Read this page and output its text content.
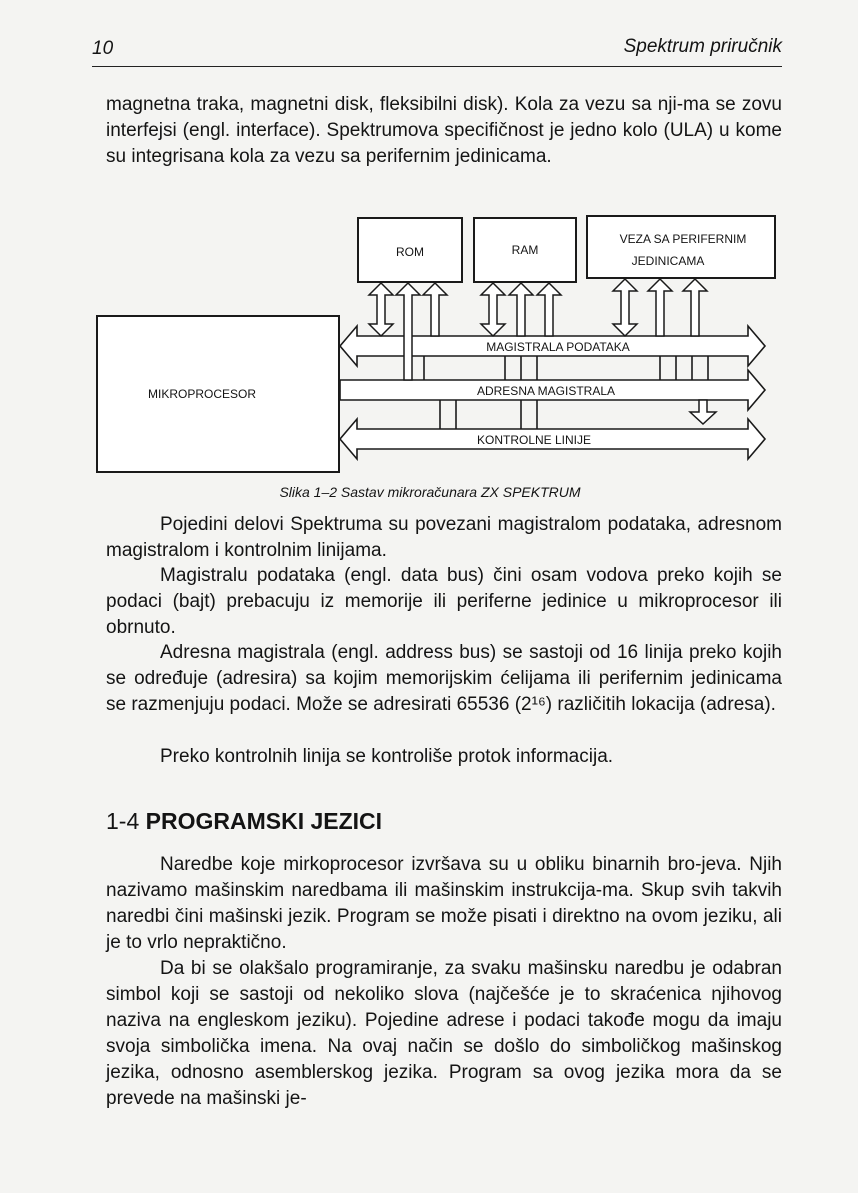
10	Spektrum priručnik

magnetna traka, magnetni disk, fleksibilni disk). Kola za vezu sa nji-ma se zovu interfejsi (engl. interface). Spektrumova specifičnost je jedno kolo (ULA) u kome su integrisana kola za vezu sa perifernim jedinicama.

ROM	RAM
VEZA SA PERIFERNIM
JEDINICAMA
MIKROPROCESOR
MAGISTRALA PODATAKA
ADRESNA MAGISTRALA
KONTROLNE LINIJE
Slika 1–2 Sastav mikroračunara ZX SPEKTRUM

Pojedini delovi Spektruma su povezani magistralom podataka, adresnom magistralom i kontrolnim linijama.

Magistralu podataka (engl. data bus) čini osam vodova preko kojih se podaci (bajt) prebacuju iz memorije ili periferne jedinice u mikroprocesor ili obrnuto.

Adresna magistrala (engl. address bus) se sastoji od 16 linija preko kojih se određuje (adresira) sa kojim memorijskim ćelijama ili perifernim jedinicama se razmenjuju podaci. Može se adresirati 65536 (2¹⁶) različitih lokacija (adresa).

Preko kontrolnih linija se kontroliše protok informacija.

1-4 PROGRAMSKI JEZICI

Naredbe koje mirkoprocesor izvršava su u obliku binarnih bro-jeva. Njih nazivamo mašinskim naredbama ili mašinskim instrukcija-ma. Skup svih takvih naredbi čini mašinski jezik. Program se može pisati i direktno na ovom jeziku, ali je to vrlo nepraktično.

Da bi se olakšalo programiranje, za svaku mašinsku naredbu je odabran simbol koji se sastoji od nekoliko slova (najčešće je to skraćenica njihovog naziva na engleskom jeziku). Pojedine adrese i podaci takođe mogu da imaju svoja simbolička imena. Na ovaj način se došlo do simboličkog mašinskog jezika, odnosno asemblerskog jezika. Program sa ovog jezika mora da se prevede na mašinski je-
